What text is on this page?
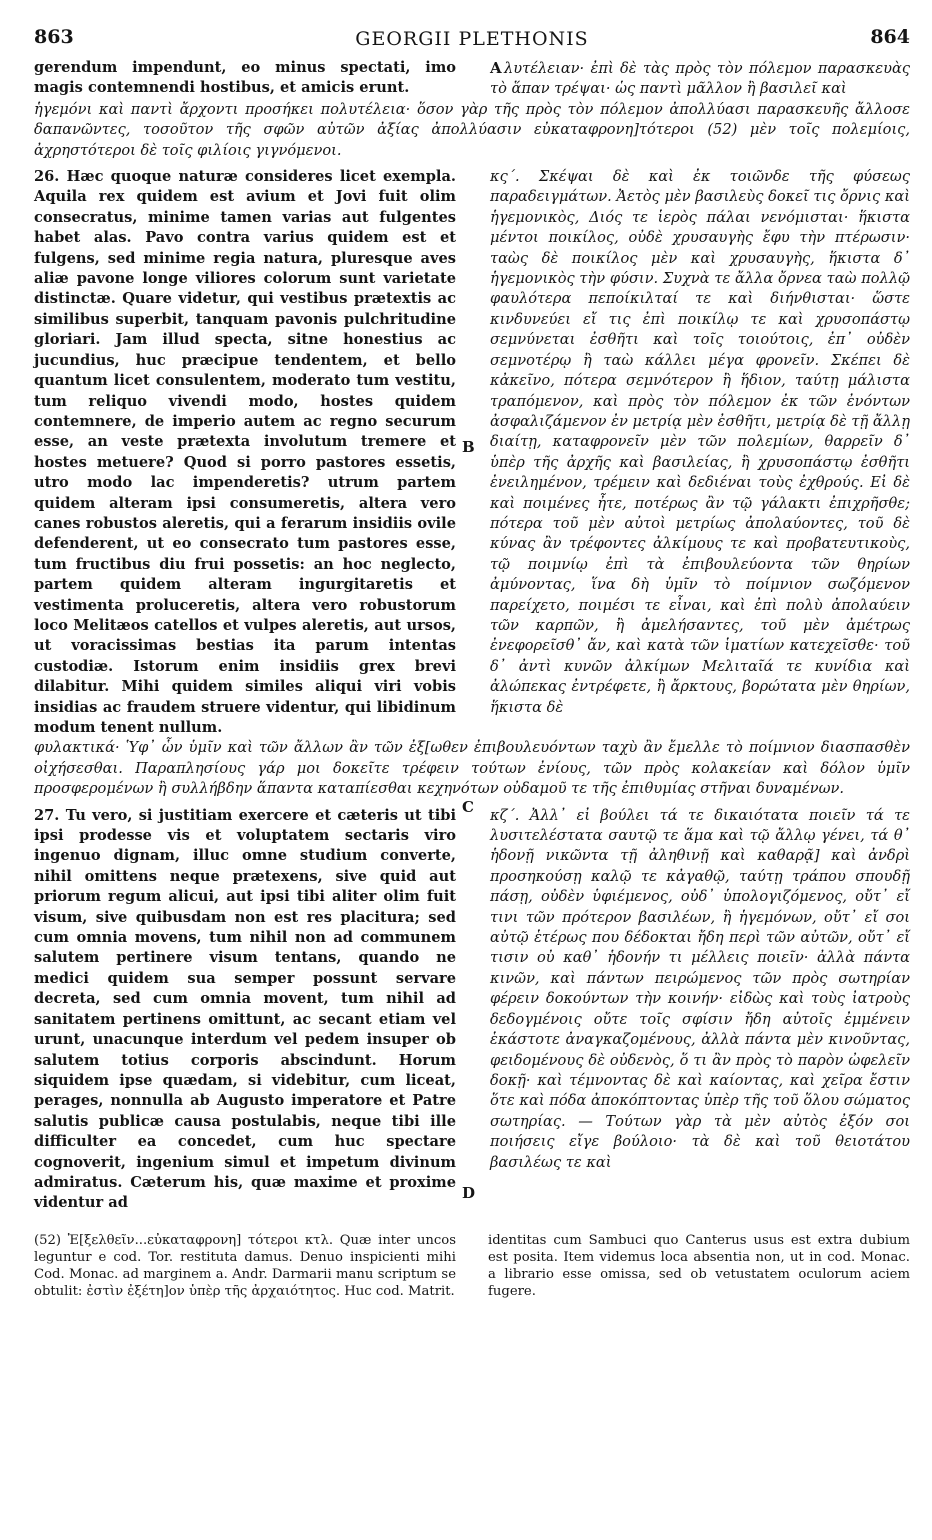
863	GEORGII PLETHONIS	864
gerendum impendunt, eo minus spectati, imo magis contemnendi hostibus, et amicis erunt.
A λυτέλειαν· ἐπὶ δὲ τὰς πρὸς τὸν πόλεμον παρασκευὰς τὸ ἅπαν τρέψαι· ὡς παντὶ μᾶλλον ἢ βασιλεῖ καὶ
ἡγεμόνι καὶ παντὶ ἄρχοντι προσήκει πολυτέλεια· ὅσον γὰρ τῆς πρὸς τὸν πόλεμον ἀπολλύασι παρασκευῆς ἄλλοσε δαπανῶντες, τοσοῦτον τῆς σφῶν αὐτῶν ἀξίας ἀπολλύασιν εὐκαταφρονη]τότεροι (52) μὲν τοῖς πολεμίοις, ἀχρηστότεροι δὲ τοῖς φιλίοις γιγνόμενοι.
26. Hæc quoque naturæ consideres licet exempla. Aquila rex quidem est avium et Jovi fuit olim consecratus, minime tamen varias aut fulgentes habet alas. Pavo contra varius quidem est et fulgens, sed minime regia natura, pluresque aves aliæ pavone longe viliores colorum sunt varietate distinctæ. Quare videtur, qui vestibus prætextis ac similibus superbit, tanquam pavonis pulchritudine gloriari. Jam illud specta, sitne honestius ac jucundius, huc præcipue tendentem, et bello quantum licet consulentem, moderato tum vestitu, tum reliquo vivendi modo, hostes quidem contemnere, de imperio autem ac regno securum esse, an veste prætexta involutum tremere et hostes metuere? Quod si porro pastores essetis, utro modo lac impenderetis? utrum partem quidem alteram ipsi consumeretis, altera vero canes robustos aleretis, qui a ferarum insidiis ovile defenderent, ut eo consecrato tum pastores esse, tum fructibus diu frui possetis: an hoc neglecto, partem quidem alteram ingurgitaretis et vestimenta proluceretis, altera vero robustorum loco Melitæos catellos et vulpes aleretis, aut ursos, ut voracissimas bestias ita parum intentas custodiæ. Istorum enim insidiis grex brevi dilabitur. Mihi quidem similes aliqui viri vobis insidias ac fraudem struere videntur, qui libidinum modum tenent nullum.
κς΄. Σκέψαι δὲ καὶ ἐκ τοιῶνδε τῆς φύσεως παραδειγμάτων. Ἀετὸς μὲν βασιλεὺς δοκεῖ τις ὄρνις καὶ ἡγεμονικὸς, Διός τε ἱερὸς πάλαι νενόμισται· ἥκιστα μέντοι ποικίλος, οὐδὲ χρυσαυγὴς ἔφυ τὴν πτέρωσιν· ταὼς δὲ ποικίλος μὲν καὶ χρυσαυγὴς, ἥκιστα δ᾽ ἡγεμονικὸς τὴν φύσιν. Συχνὰ τε ἄλλα ὄρνεα ταὼ πολλῷ φαυλότερα πεποίκιλταί τε καὶ διήνθισται· ὥστε κινδυνεύει εἴ τις ἐπὶ ποικίλῳ τε καὶ χρυσοπάστῳ σεμνύνεται ἐσθῆτι καὶ τοῖς τοιούτοις, ἐπ᾽ οὐδὲν σεμνοτέρῳ ἢ ταὼ κάλλει μέγα φρονεῖν. Σκέπει δὲ κἀκεῖνο, πότερα σεμνότερον ἢ ἥδιον, ταύτῃ μάλιστα τραπόμενον, καὶ πρὸς τὸν πόλεμον ἐκ τῶν ἐνόντων ἀσφαλιζάμενον ἐν μετρίᾳ μὲν ἐσθῆτι, μετρίᾳ δὲ τῇ ἄλλῃ διαίτῃ, καταφρονεῖν μὲν τῶν πολεμίων, θαρρεῖν δ᾽ ὑπὲρ τῆς ἀρχῆς καὶ βασιλείας, ἢ χρυσοπάστῳ ἐσθῆτι ἐνειλημένον, τρέμειν καὶ δεδιέναι τοὺς ἐχθρούς. Εἰ δὲ καὶ ποιμένες ἦτε, ποτέρως ἂν τῷ γάλακτι ἐπιχρῆσθε; πότερα τοῦ μὲν αὐτοὶ μετρίως ἀπολαύοντες, τοῦ δὲ κύνας ἂν τρέφοντες ἀλκίμους τε καὶ προβατευτικοὺς, τῷ ποιμνίῳ ἐπὶ τὰ ἐπιβουλεύοντα τῶν θηρίων ἀμύνοντας, ἵνα δὴ ὑμῖν τὸ ποίμνιον σωζόμενον παρείχετο, ποιμέσι τε εἶναι, καὶ ἐπὶ πολὺ ἀπολαύειν τῶν καρπῶν, ἢ ἀμελήσαντες, τοῦ μὲν ἀμέτρως ἐνεφορεῖσθ᾽ ἄν, καὶ κατὰ τῶν ἱματίων κατεχεῖσθε· τοῦ δ᾽ ἀντὶ κυνῶν ἀλκίμων Μελιταῖά τε κυνίδια καὶ ἀλώπεκας ἐντρέφετε, ἢ ἄρκτους, βορώτατα μὲν θηρίων, ἥκιστα δὲ
B
C
φυλακτικά· Ὑφ᾽ ὧν ὑμῖν καὶ τῶν ἄλλων ἂν τῶν ἐξ[ωθεν ἐπιβουλευόντων ταχὺ ἂν ἔμελλε τὸ ποίμνιον διασπασθὲν οἰχήσεσθαι. Παραπλησίους γάρ μοι δοκεῖτε τρέφειν τούτων ἐνίους, τῶν πρὸς κολακείαν καὶ δόλον ὑμῖν προσφερομένων ἢ συλλήβδην ἅπαντα καταπίεσθαι κεχηνότων οὐδαμοῦ τε τῆς ἐπιθυμίας στῆναι δυναμένων.
27. Tu vero, si justitiam exercere et cæteris ut tibi ipsi prodesse vis et voluptatem sectaris viro ingenuo dignam, illuc omne studium converte, nihil omittens neque prætexens, sive quid aut priorum regum alicui, aut ipsi tibi aliter olim fuit visum, sive quibusdam non est res placitura; sed cum omnia movens, tum nihil non ad communem salutem pertinere visum tentans, quando ne medici quidem sua semper possunt servare decreta, sed cum omnia movent, tum nihil ad sanitatem pertinens omittunt, ac secant etiam vel urunt, unacunque interdum vel pedem insuper ob salutem totius corporis abscindunt. Horum siquidem ipse quædam, si videbitur, cum liceat, perages, nonnulla ab Augusto imperatore et Patre salutis publicæ causa postulabis, neque tibi ille difficulter ea concedet, cum huc spectare cognoverit, ingenium simul et impetum divinum admiratus. Cæterum his, quæ maxime et proxime videntur ad
κζ΄. Ἀλλ᾽ εἰ βούλει τά τε δικαιότατα ποιεῖν τά τε λυσιτελέστατα σαυτῷ τε ἅμα καὶ τῷ ἄλλῳ γένει, τά θ᾽ ἡδονῇ νικῶντα τῇ ἀληθινῇ καὶ καθαρᾷ] καὶ ἀνδρὶ προσηκούσῃ καλῷ τε κἀγαθῷ, ταύτῃ τράπου σπουδῇ πάσῃ, οὐδὲν ὑφιέμενος, οὐδ᾽ ὑπολογιζόμενος, οὔτ᾽ εἴ τινι τῶν πρότερον βασιλέων, ἢ ἡγεμόνων, οὔτ᾽ εἴ σοι αὐτῷ ἑτέρως που δέδοκται ἤδη περὶ τῶν αὐτῶν, οὔτ᾽ εἴ τισιν οὐ καθ᾽ ἡδονήν τι μέλλεις ποιεῖν· ἀλλὰ πάντα κινῶν, καὶ πάντων πειρώμενος τῶν πρὸς σωτηρίαν φέρειν δοκούντων τὴν κοινήν· εἰδὼς καὶ τοὺς ἰατροὺς δεδογμένοις οὔτε τοῖς σφίσιν ἤδη αὐτοῖς ἐμμένειν ἑκάστοτε ἀναγκαζομένους, ἀλλὰ πάντα μὲν κινοῦντας, φειδομένους δὲ οὐδενὸς, ὅ τι ἂν πρὸς τὸ παρὸν ὠφελεῖν δοκῇ· καὶ τέμνοντας δὲ καὶ καίοντας, καὶ χεῖρα ἔστιν ὅτε καὶ πόδα ἀποκόπτοντας ὑπὲρ τῆς τοῦ ὅλου σώματος σωτηρίας. — Τούτων γὰρ τὰ μὲν αὐτὸς ἐξόν σοι ποιήσεις εἴγε βούλοιο· τὰ δὲ καὶ τοῦ θειοτάτου βασιλέως τε καὶ
D
(52) Ἐ[ξελθεῖν...εὐκαταφρονη] τότεροι κτλ. Quæ inter uncos leguntur e cod. Tor. restituta damus. Denuo inspicienti mihi Cod. Monac. ad marginem a. Andr. Darmarii manu scriptum se obtulit: ἐστὶν ἐξέτη]ον ὑπὲρ τῆς ἀρχαιότητος. Huc cod. Matrit.
identitas cum Sambuci quo Canterus usus est extra dubium est posita. Item videmus loca absentia non, ut in cod. Monac. a librario esse omissa, sed ob vetustatem oculorum aciem fugere.
